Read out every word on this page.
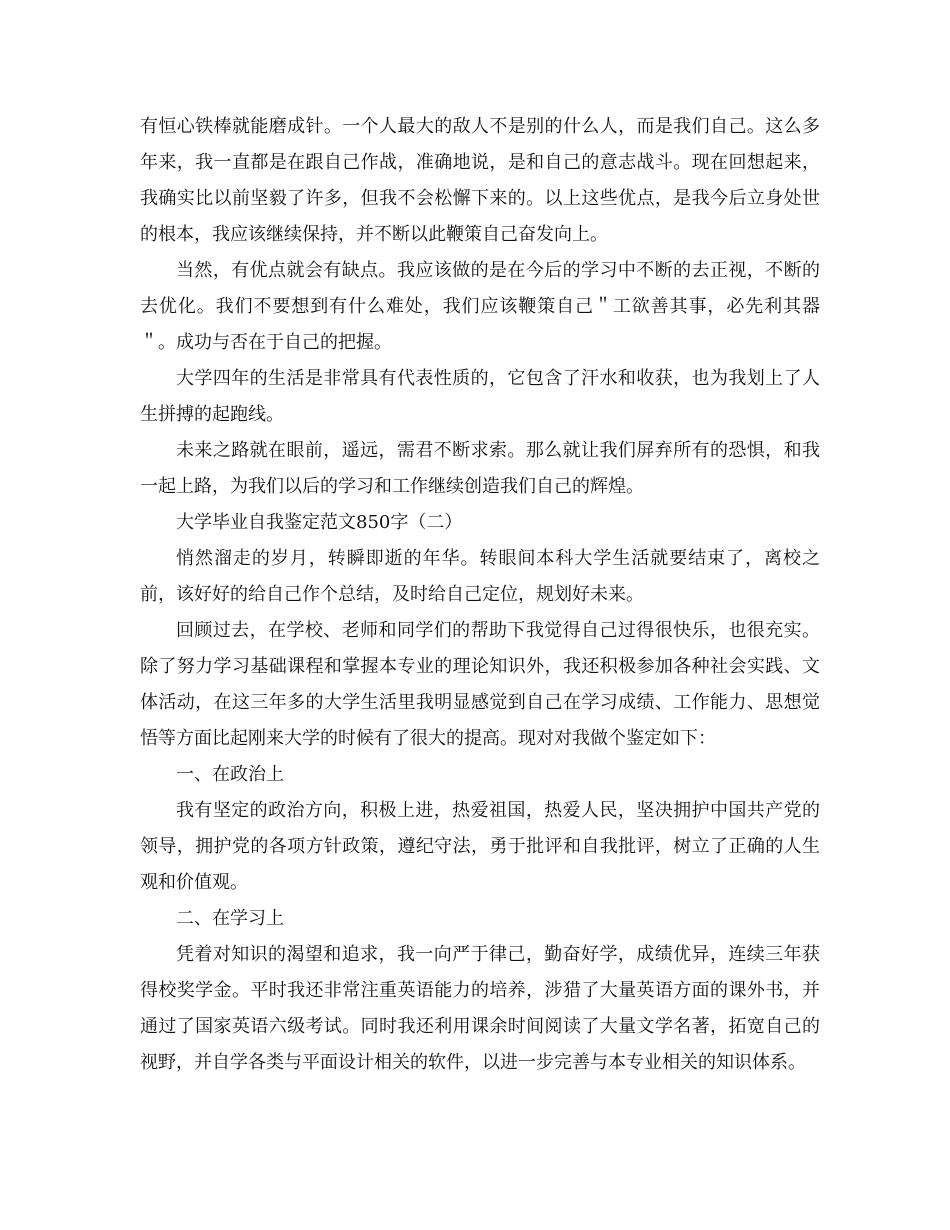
有恒心铁棒就能磨成针。一个人最大的敌人不是别的什么人，而是我们自己。这么多年来，我一直都是在跟自己作战，准确地说，是和自己的意志战斗。现在回想起来，我确实比以前坚毅了许多，但我不会松懈下来的。以上这些优点，是我今后立身处世的根本，我应该继续保持，并不断以此鞭策自己奋发向上。

当然，有优点就会有缺点。我应该做的是在今后的学习中不断的去正视，不断的去优化。我们不要想到有什么难处，我们应该鞭策自己＂工欲善其事，必先利其器＂。成功与否在于自己的把握。

大学四年的生活是非常具有代表性质的，它包含了汗水和收获，也为我划上了人生拼搏的起跑线。

未来之路就在眼前，遥远，需君不断求索。那么就让我们屏弃所有的恐惧，和我一起上路，为我们以后的学习和工作继续创造我们自己的辉煌。

大学毕业自我鉴定范文850字（二）

悄然溜走的岁月，转瞬即逝的年华。转眼间本科大学生活就要结束了，离校之前，该好好的给自己作个总结，及时给自己定位，规划好未来。

回顾过去，在学校、老师和同学们的帮助下我觉得自己过得很快乐，也很充实。除了努力学习基础课程和掌握本专业的理论知识外，我还积极参加各种社会实践、文体活动，在这三年多的大学生活里我明显感觉到自己在学习成绩、工作能力、思想觉悟等方面比起刚来大学的时候有了很大的提高。现对对我做个鉴定如下：

一、在政治上

我有坚定的政治方向，积极上进，热爱祖国，热爱人民，坚决拥护中国共产党的领导，拥护党的各项方针政策，遵纪守法，勇于批评和自我批评，树立了正确的人生观和价值观。

二、在学习上

凭着对知识的渴望和追求，我一向严于律己，勤奋好学，成绩优异，连续三年获得校奖学金。平时我还非常注重英语能力的培养，涉猎了大量英语方面的课外书，并通过了国家英语六级考试。同时我还利用课余时间阅读了大量文学名著，拓宽自己的视野，并自学各类与平面设计相关的软件，以进一步完善与本专业相关的知识体系。
